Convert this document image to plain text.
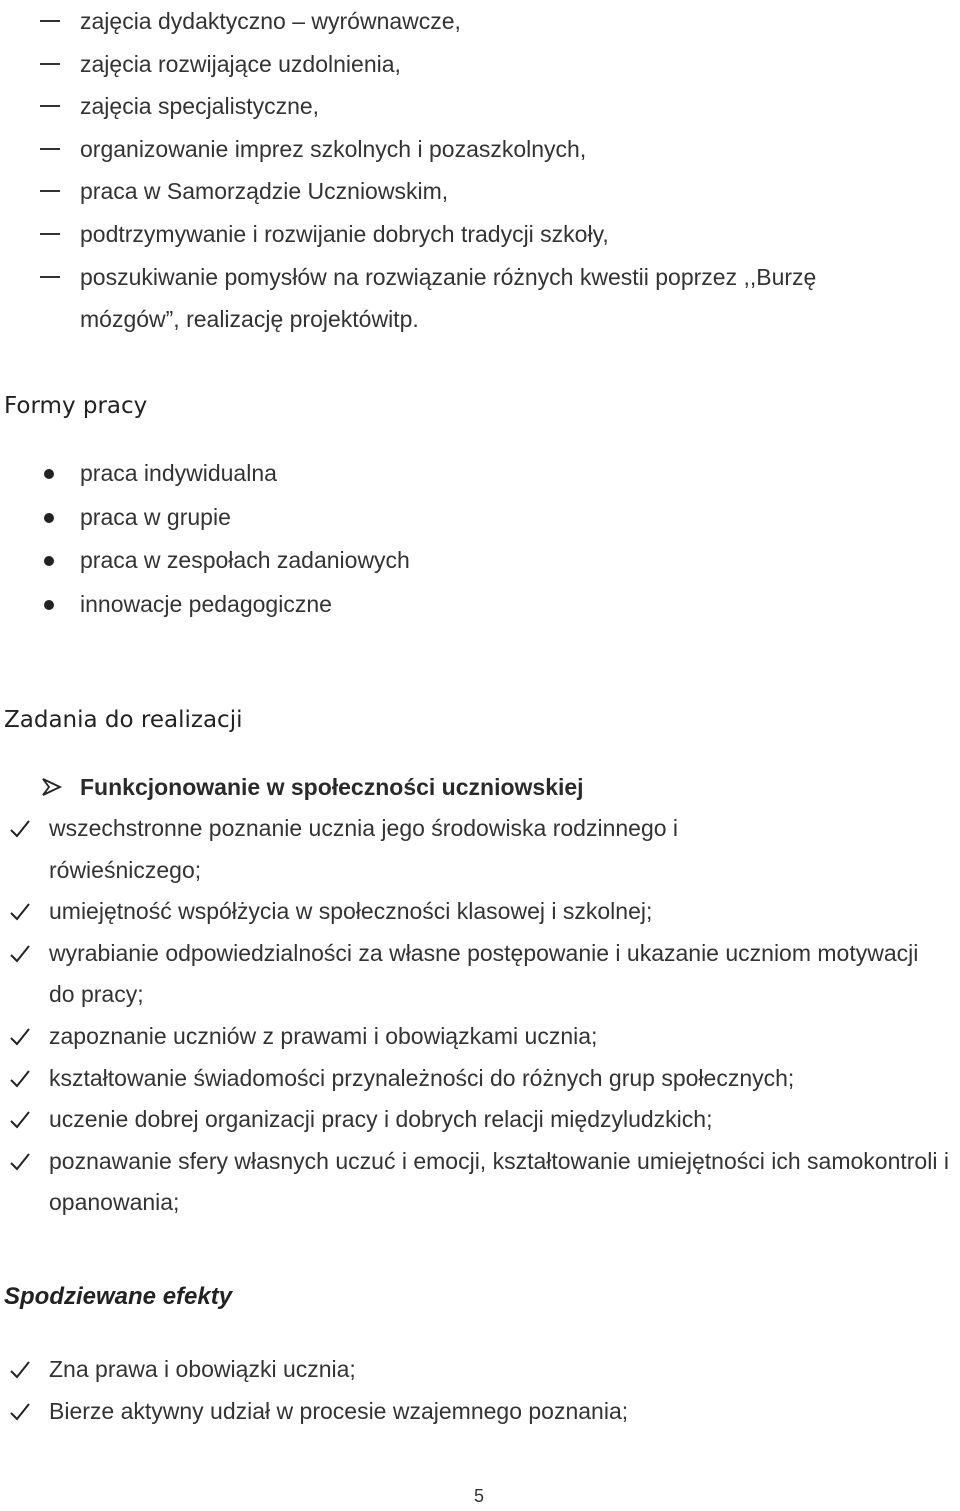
zajęcia dydaktyczno – wyrównawcze,
zajęcia rozwijające uzdolnienia,
zajęcia specjalistyczne,
organizowanie imprez szkolnych i pozaszkolnych,
praca w Samorządzie Uczniowskim,
podtrzymywanie i rozwijanie dobrych tradycji szkoły,
poszukiwanie pomysłów na rozwiązanie różnych kwestii poprzez ,,Burzę
mózgów”, realizację projektówitp.
Formy pracy
praca indywidualna
praca w grupie
praca w zespołach zadaniowych
innowacje pedagogiczne
Zadania do realizacji
Funkcjonowanie w społeczności uczniowskiej
wszechstronne poznanie ucznia jego środowiska rodzinnego i rówieśniczego;
umiejętność współżycia w społeczności klasowej i szkolnej;
wyrabianie odpowiedzialności za własne postępowanie i ukazanie uczniom motywacji do pracy;
zapoznanie uczniów z prawami i obowiązkami ucznia;
kształtowanie świadomości przynależności do różnych grup społecznych;
uczenie dobrej organizacji pracy i dobrych relacji międzyludzkich;
poznawanie sfery własnych uczuć i emocji, kształtowanie umiejętności ich samokontroli i opanowania;
Spodziewane efekty
Zna prawa i obowiązki ucznia;
Bierze aktywny udział w procesie wzajemnego poznania;
5
